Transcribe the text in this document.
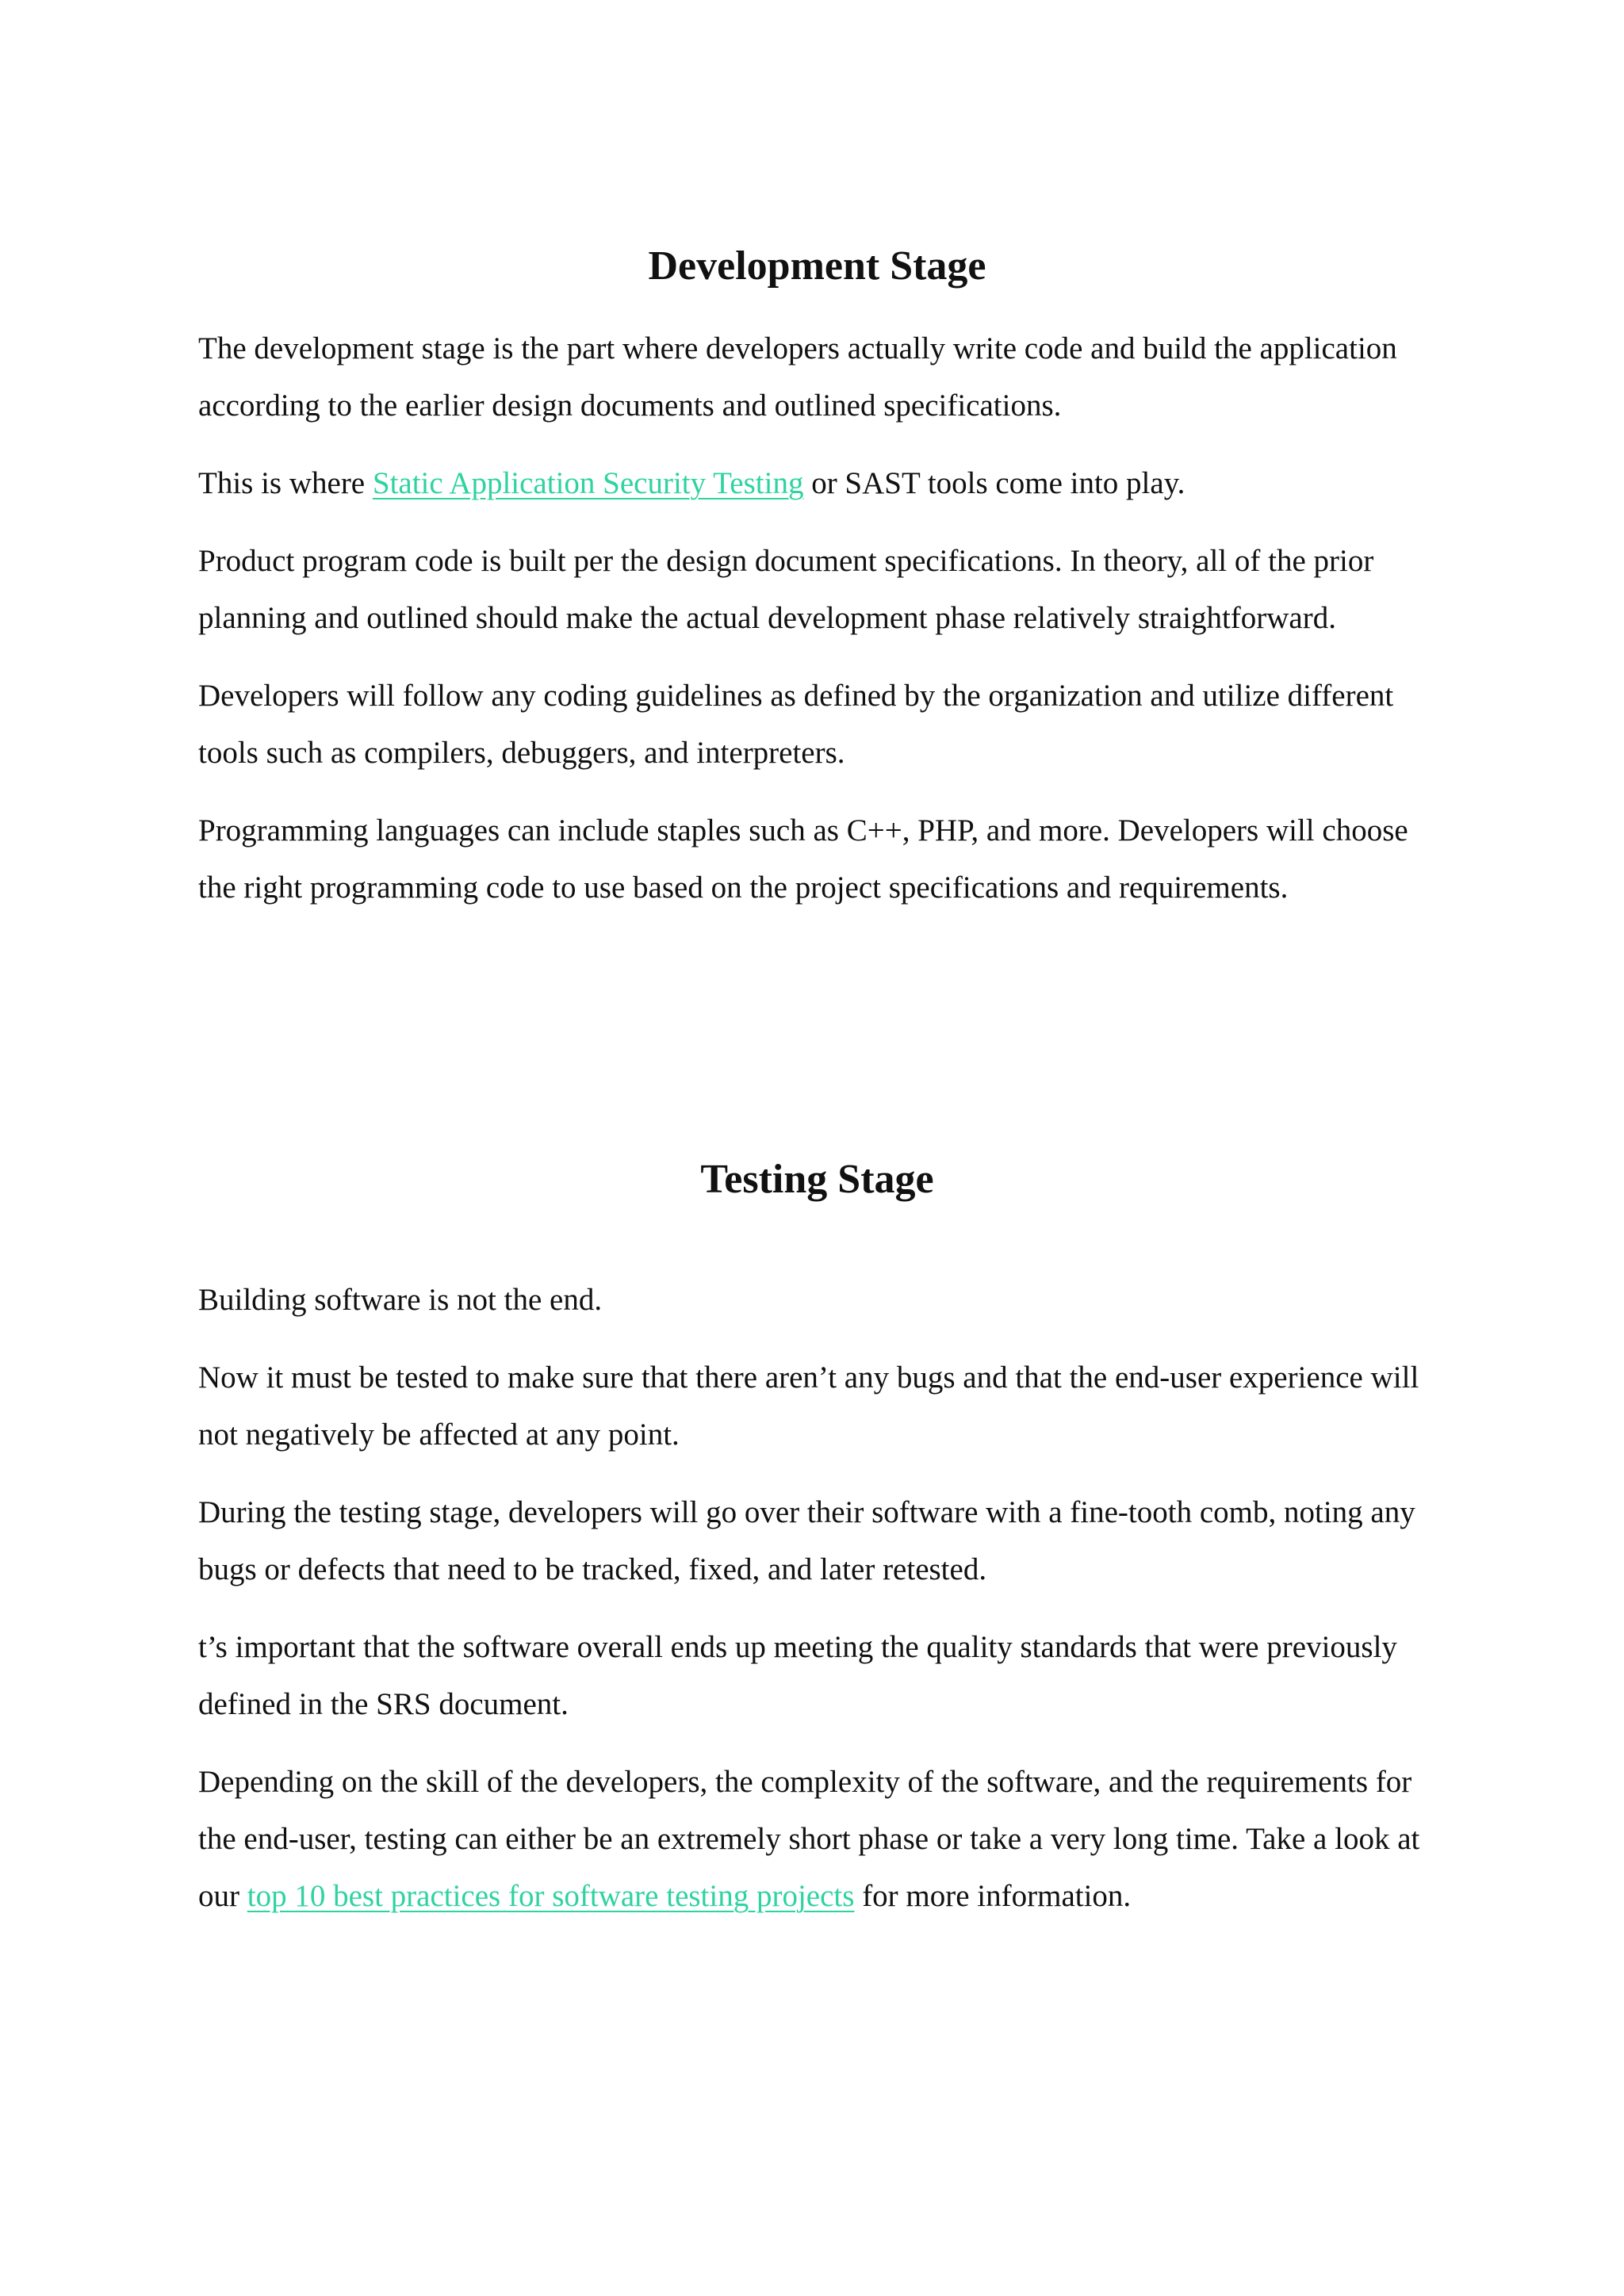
Development Stage

The development stage is the part where developers actually write code and build the application according to the earlier design documents and outlined specifications.

This is where Static Application Security Testing or SAST tools come into play.

Product program code is built per the design document specifications. In theory, all of the prior planning and outlined should make the actual development phase relatively straightforward.

Developers will follow any coding guidelines as defined by the organization and utilize different tools such as compilers, debuggers, and interpreters.

Programming languages can include staples such as C++, PHP, and more. Developers will choose the right programming code to use based on the project specifications and requirements.

Testing Stage

Building software is not the end.

Now it must be tested to make sure that there aren’t any bugs and that the end-user experience will not negatively be affected at any point.

During the testing stage, developers will go over their software with a fine-tooth comb, noting any bugs or defects that need to be tracked, fixed, and later retested.

t’s important that the software overall ends up meeting the quality standards that were previously defined in the SRS document.

Depending on the skill of the developers, the complexity of the software, and the requirements for the end-user, testing can either be an extremely short phase or take a very long time. Take a look at our top 10 best practices for software testing projects for more information.
